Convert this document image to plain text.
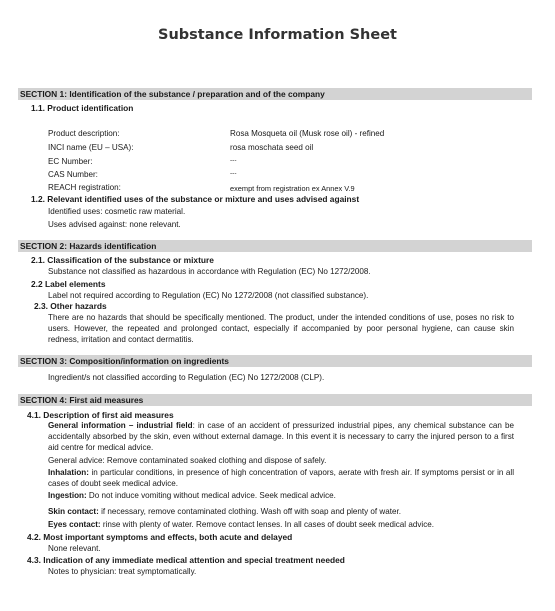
Substance Information Sheet
SECTION 1: Identification of the substance / preparation and of the company
1.1. Product identification
Product description:	Rosa Mosqueta oil (Musk rose oil) - refined
INCI name (EU – USA):	rosa moschata seed oil
EC Number:	---
CAS Number:	---
REACH registration:	exempt from registration ex Annex V.9
1.2. Relevant identified uses of the substance or mixture and uses advised against
Identified uses: cosmetic raw material.
Uses advised against: none relevant.
SECTION 2: Hazards identification
2.1. Classification of the substance or mixture
Substance not classified as hazardous in accordance with Regulation (EC) No 1272/2008.
2.2 Label elements
Label not required according to Regulation (EC) No 1272/2008 (not classified substance).
2.3. Other hazards
There are no hazards that should be specifically mentioned. The product, under the intended conditions of use, poses no risk to users. However, the repeated and prolonged contact, especially if accompanied by poor personal hygiene, can cause skin redness, irritation and contact dermatitis.
SECTION 3: Composition/information on ingredients
Ingredient/s not classified according to Regulation (EC) No 1272/2008 (CLP).
SECTION 4: First aid measures
4.1. Description of first aid measures
General information – industrial field: in case of an accident of pressurized industrial pipes, any chemical substance can be accidentally absorbed by the skin, even without external damage. In this event it is necessary to carry the injured person to a first aid centre for medical advice.
General advice: Remove contaminated soaked clothing and dispose of safely.
Inhalation: in particular conditions, in presence of high concentration of vapors, aerate with fresh air. If symptoms persist or in all cases of doubt seek medical advice.
Ingestion: Do not induce vomiting without medical advice. Seek medical advice.
Skin contact: if necessary, remove contaminated clothing. Wash off with soap and plenty of water.
Eyes contact: rinse with plenty of water. Remove contact lenses. In all cases of doubt seek medical advice.
4.2. Most important symptoms and effects, both acute and delayed
None relevant.
4.3. Indication of any immediate medical attention and special treatment needed
Notes to physician: treat symptomatically.
